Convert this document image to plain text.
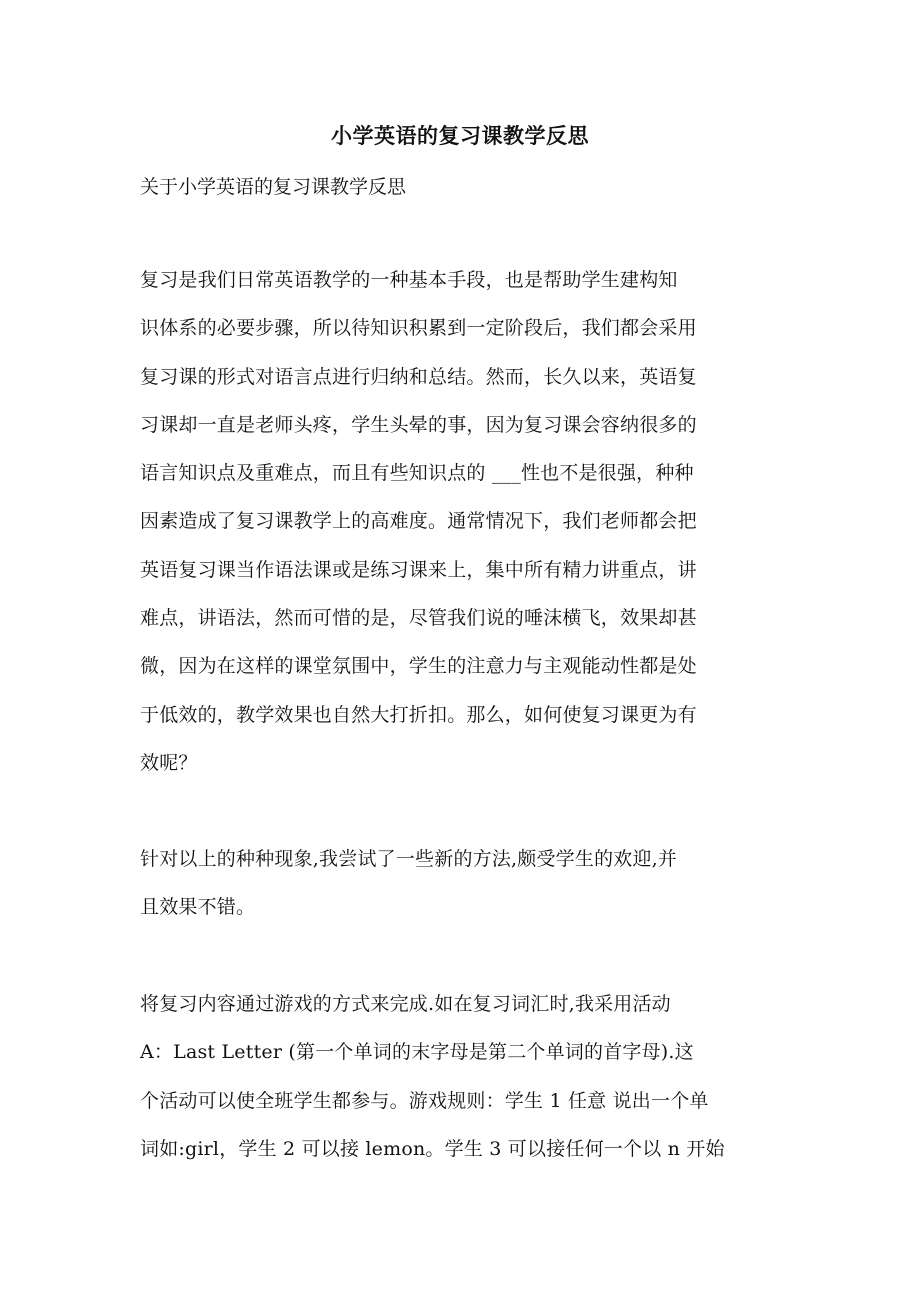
小学英语的复习课教学反思

关于小学英语的复习课教学反思

复习是我们日常英语教学的一种基本手段，也是帮助学生建构知
识体系的必要步骤，所以待知识积累到一定阶段后，我们都会采用
复习课的形式对语言点进行归纳和总结。然而，长久以来，英语复
习课却一直是老师头疼，学生头晕的事，因为复习课会容纳很多的
语言知识点及重难点，而且有些知识点的 ___性也不是很强，种种
因素造成了复习课教学上的高难度。通常情况下，我们老师都会把
英语复习课当作语法课或是练习课来上，集中所有精力讲重点，讲
难点，讲语法，然而可惜的是，尽管我们说的唾沫横飞，效果却甚
微，因为在这样的课堂氛围中，学生的注意力与主观能动性都是处
于低效的，教学效果也自然大打折扣。那么，如何使复习课更为有
效呢？
针对以上的种种现象,我尝试了一些新的方法,颇受学生的欢迎,并
且效果不错。
将复习内容通过游戏的方式来完成.如在复习词汇时,我采用活动
A：Last Letter (第一个单词的末字母是第二个单词的首字母).这
个活动可以使全班学生都参与。游戏规则：学生 1 任意 说出一个单
词如:girl，学生 2 可以接 lemon。学生 3 可以接任何一个以 n 开始
